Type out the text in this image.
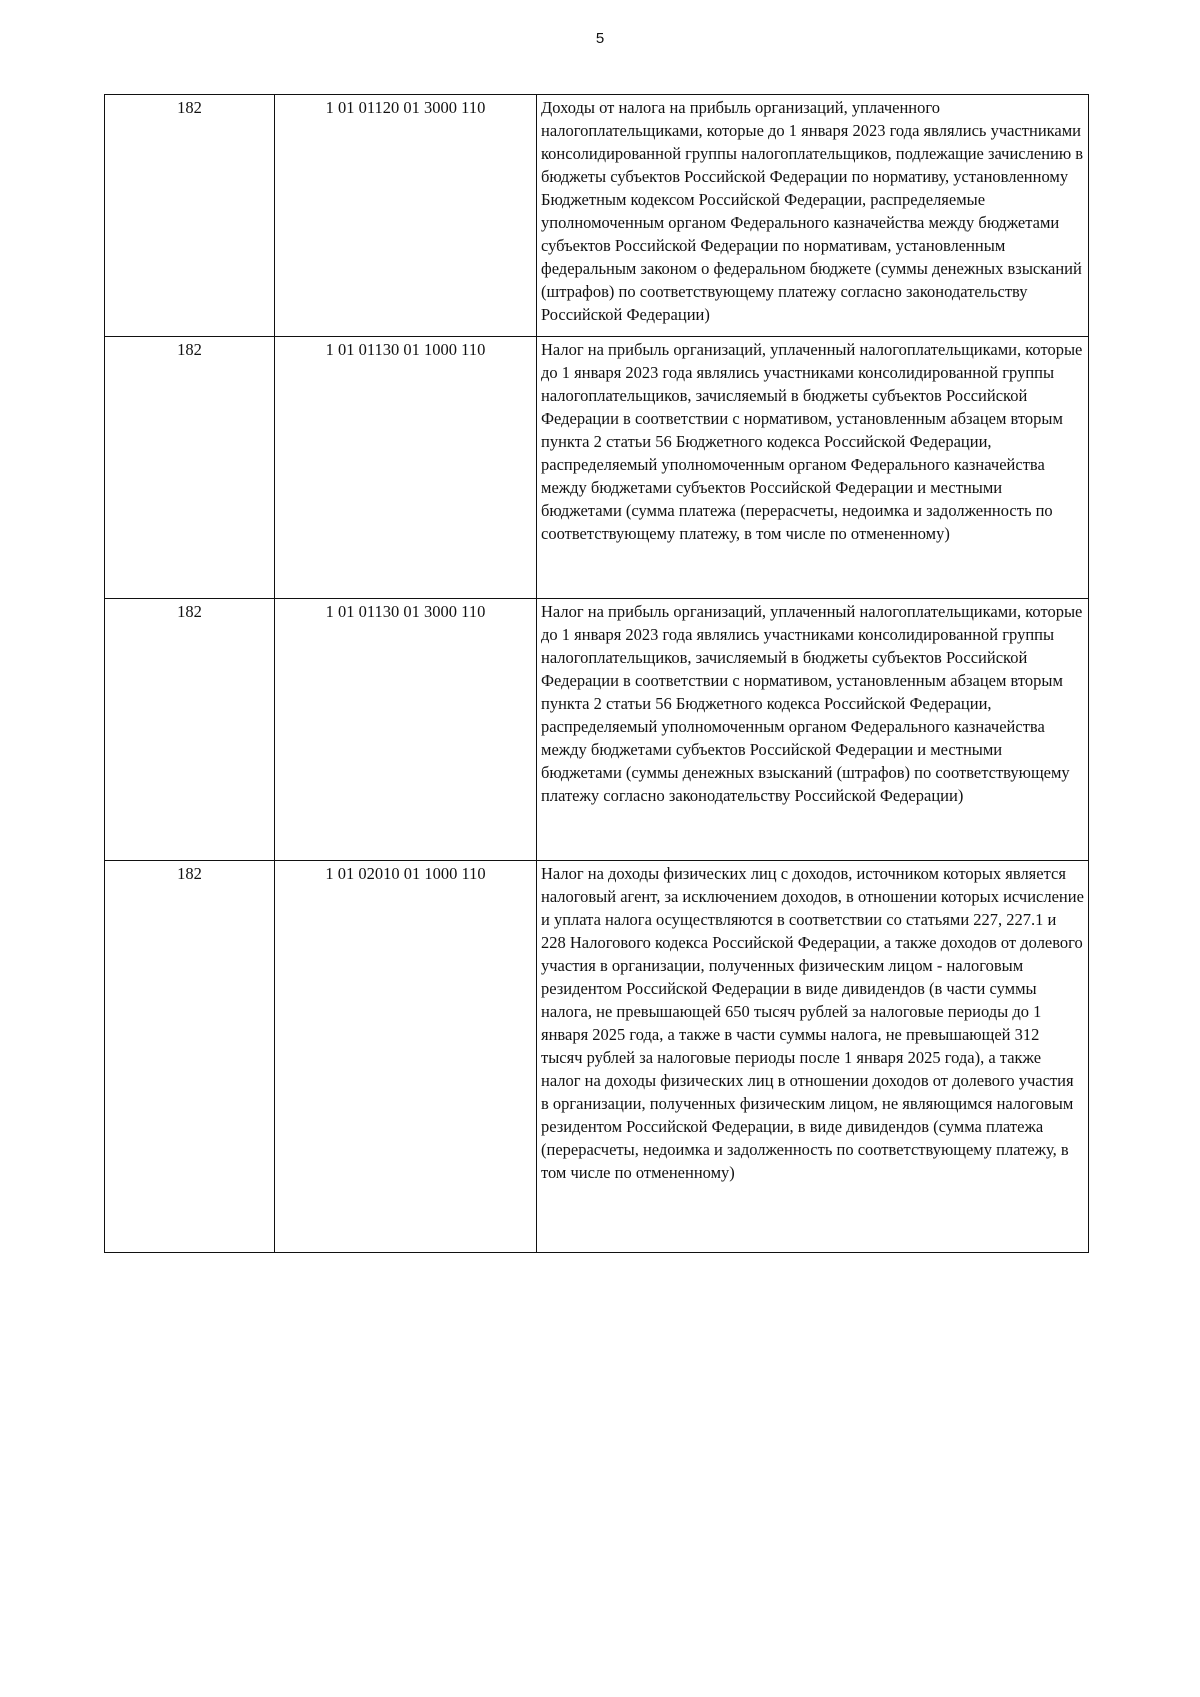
5
182	1 01 01120 01 3000 110	Доходы от налога на прибыль организаций, уплаченного налогоплательщиками, которые до 1 января 2023 года являлись участниками консолидированной группы налогоплательщиков, подлежащие зачислению в бюджеты субъектов Российской Федерации по нормативу, установленному Бюджетным кодексом Российской Федерации, распределяемые уполномоченным органом Федерального казначейства между бюджетами субъектов Российской Федерации по нормативам, установленным федеральным законом о федеральном бюджете (суммы денежных взысканий (штрафов) по соответствующему платежу согласно законодательству Российской Федерации)
182	1 01 01130 01 1000 110	Налог на прибыль организаций, уплаченный налогоплательщиками, которые до 1 января 2023 года являлись участниками консолидированной группы налогоплательщиков, зачисляемый в бюджеты субъектов Российской Федерации в соответствии с нормативом, установленным абзацем вторым пункта 2 статьи 56 Бюджетного кодекса Российской Федерации, распределяемый уполномоченным органом Федерального казначейства между бюджетами субъектов Российской Федерации и местными бюджетами (сумма платежа (перерасчеты, недоимка и задолженность по соответствующему платежу, в том числе по отмененному)
182	1 01 01130 01 3000 110	Налог на прибыль организаций, уплаченный налогоплательщиками, которые до 1 января 2023 года являлись участниками консолидированной группы налогоплательщиков, зачисляемый в бюджеты субъектов Российской Федерации в соответствии с нормативом, установленным абзацем вторым пункта 2 статьи 56 Бюджетного кодекса Российской Федерации, распределяемый уполномоченным органом Федерального казначейства между бюджетами субъектов Российской Федерации и местными бюджетами (суммы денежных взысканий (штрафов) по соответствующему платежу согласно законодательству Российской Федерации)
182	1 01 02010 01 1000 110	Налог на доходы физических лиц с доходов, источником которых является налоговый агент, за исключением доходов, в отношении которых исчисление и уплата налога осуществляются в соответствии со статьями 227, 227.1 и 228 Налогового кодекса Российской Федерации, а также доходов от долевого участия в организации, полученных физическим лицом - налоговым резидентом Российской Федерации в виде дивидендов (в части суммы налога, не превышающей 650 тысяч рублей за налоговые периоды до 1 января 2025 года, а также в части суммы налога, не превышающей 312 тысяч рублей за налоговые периоды после 1 января 2025 года), а также налог на доходы физических лиц в отношении доходов от долевого участия в организации, полученных физическим лицом, не являющимся налоговым резидентом Российской Федерации, в виде дивидендов (сумма платежа (перерасчеты, недоимка и задолженность по соответствующему платежу, в том числе по отмененному)
